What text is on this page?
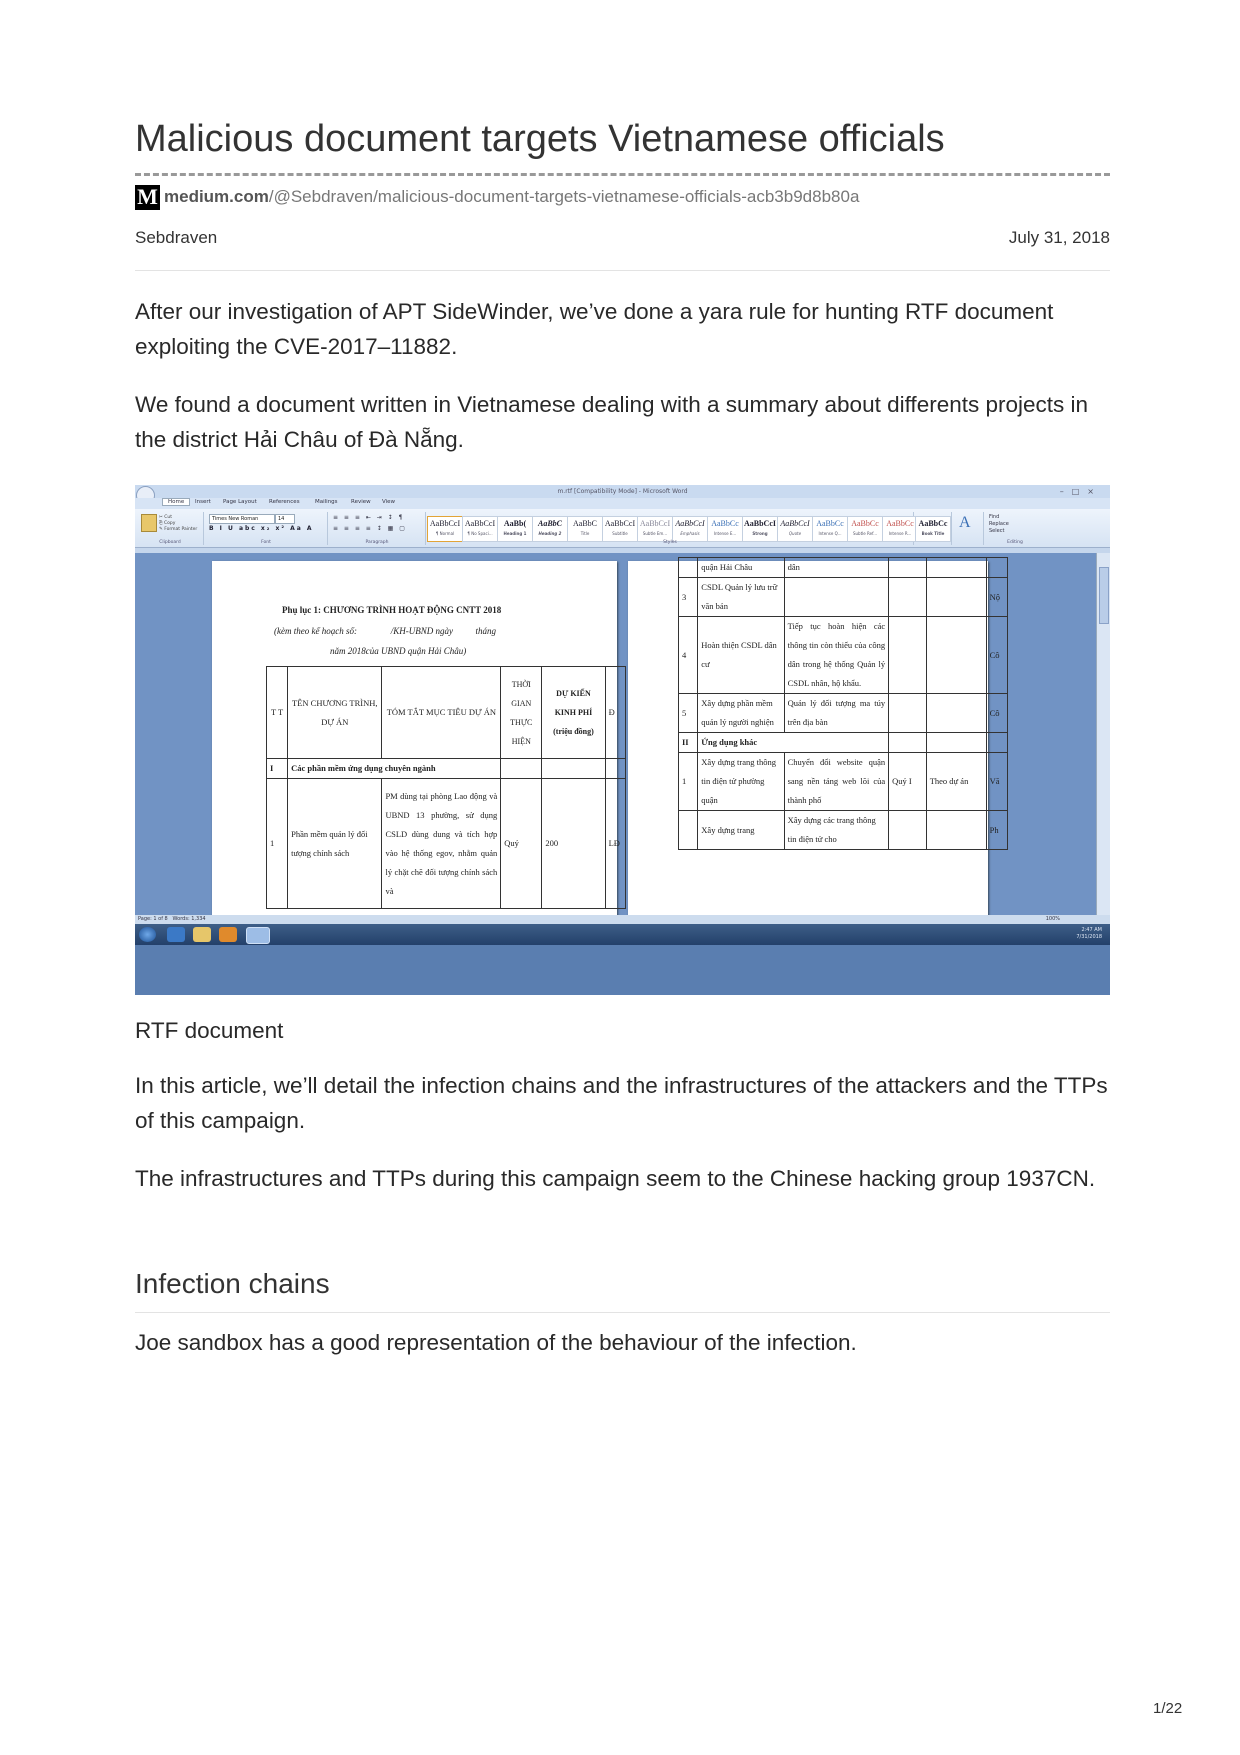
Malicious document targets Vietnamese officials
M medium.com /@Sebdraven/malicious-document-targets-vietnamese-officials-acb3b9d8b80a
Sebdraven	July 31, 2018

After our investigation of APT SideWinder, we’ve done a yara rule for hunting RTF document exploiting the CVE-2017–11882.

We found a document written in Vietnamese dealing with a summary about differents projects in the district Hải Châu of Đà Nẵng.

m.rtf [Compatibility Mode] - Microsoft Word	–□×
Home	Insert Page Layout References	Mailings Review View
✂ Cut
⎘ Copy
✎ Format Painter
Clipboard
Times New Roman	14
B I U abc x₂ x² Aa A
Font
≡ ≡ ≡ ⇤ ⇥ ↕ ¶
≡ ≡ ≡ ≡ ↕ ▦ ▢
Paragraph
AaBbCcI
¶ Normal
AaBbCcI
¶ No Spaci...
AaBb(
Heading 1
AaBbC
Heading 2
AaBbC
Title
AaBbCcI
Subtitle
AaBbCcI
Subtle Em...
AaBbCcI
Emphasis
AaBbCc
Intense E...
AaBbCcI
Strong
AaBbCcI
Quote
AaBbCc
Intense Q...
AaBbCc
Subtle Ref...
AaBbCc
Intense R...
Styles
AaBbCc
Book Title
A	Find
Replace
Select
Editing
Phụ lục 1: CHƯƠNG TRÌNH HOẠT ĐỘNG CNTT 2018
(kèm theo kế hoạch số:               /KH-UBND ngày          tháng
năm 2018của UBND quận Hải Châu)
T T	TÊN CHƯƠNG TRÌNH, DỰ ÁN	TÓM TẮT MỤC TIÊU DỰ ÁN	THỜI GIAN THỰC HIỆN	DỰ KIẾN KINH PHÍ (triệu đồng)	Đ
I	Các phần mềm ứng dụng chuyên ngành				
1	Phần mềm quản lý đối tượng chính sách	PM dùng tại phòng Lao động và UBND 13 phường, sử dụng CSLD dùng dung và tích hợp vào hệ thống egov, nhằm quản lý chặt chẽ đối tượng chính sách và	Quý	200	LĐ
	quận Hải Châu	dân			
3	CSDL Quản lý lưu trữ văn bản				Nộ
4	Hoàn thiện CSDL dân cư	Tiếp tục hoàn hiện các thông tin còn thiếu của công dân trong hệ thống Quản lý CSDL nhân, hộ khẩu.			Cô
5	Xây dựng phần mềm quản lý người nghiện	Quản lý đối tượng ma túy trên địa bàn			Cô
II	Ứng dụng khác				
1	Xây dựng trang thông tin điện tử phường quận	Chuyển đổi website quận sang nền tảng web lõi của thành phố	Quý I	Theo dự án	Vă
	Xây dựng trang	Xây dựng các trang thông tin điện tử cho			Ph
Page: 1 of 8   Words: 1,334	100%
2:47 AM
7/31/2018
RTF document

In this article, we’ll detail the infection chains and the infrastructures of the attackers and the TTPs of this campaign.

The infrastructures and TTPs during this campaign seem to the Chinese hacking group 1937CN.

Infection chains

Joe sandbox has a good representation of the behaviour of the infection.

1/22
